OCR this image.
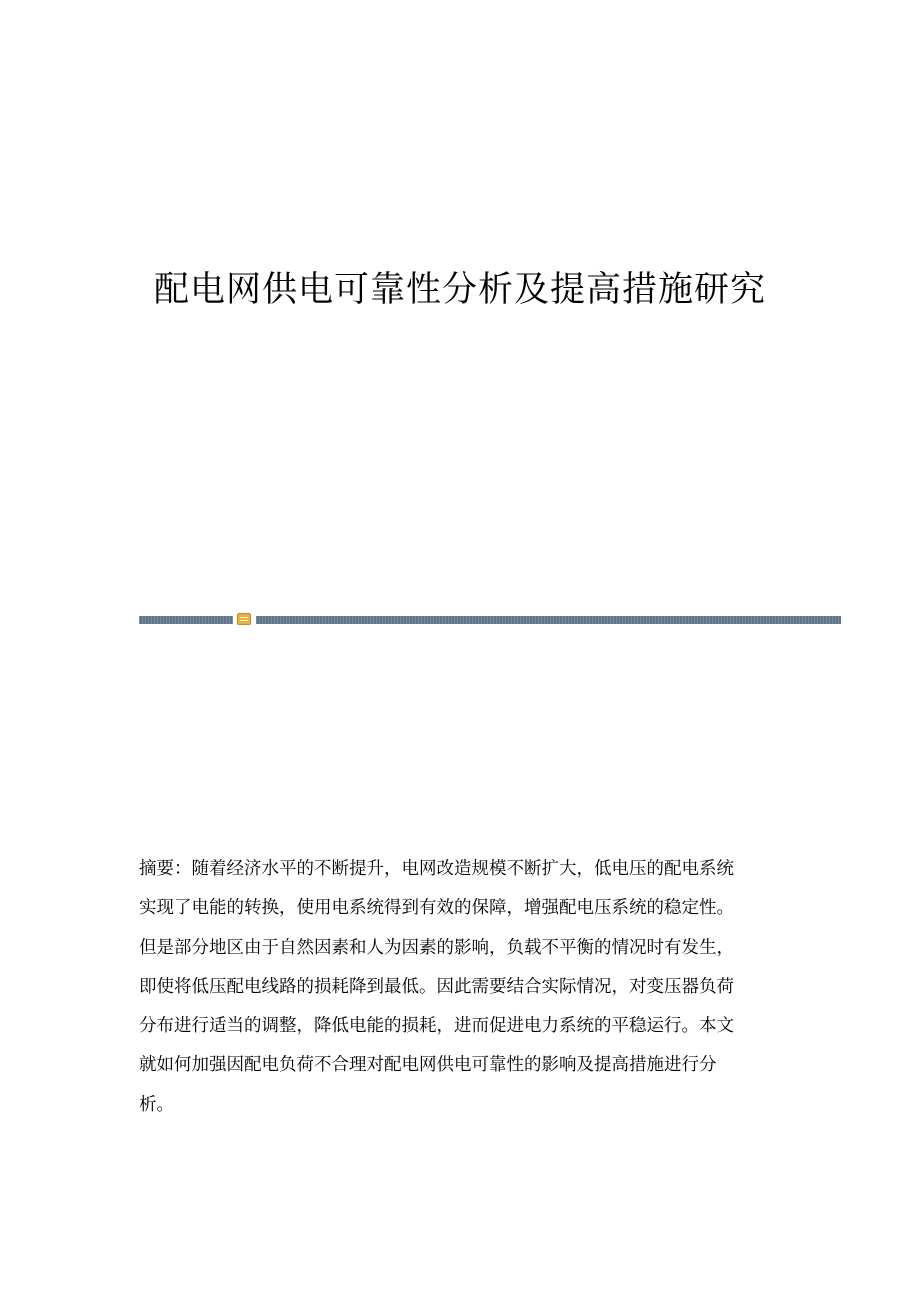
配电网供电可靠性分析及提高措施研究

摘要：随着经济水平的不断提升，电网改造规模不断扩大，低电压的配电系统
实现了电能的转换，使用电系统得到有效的保障，增强配电压系统的稳定性。
但是部分地区由于自然因素和人为因素的影响，负载不平衡的情况时有发生，
即使将低压配电线路的损耗降到最低。因此需要结合实际情况，对变压器负荷
分布进行适当的调整，降低电能的损耗，进而促进电力系统的平稳运行。本文
就如何加强因配电负荷不合理对配电网供电可靠性的影响及提高措施进行分
析。
